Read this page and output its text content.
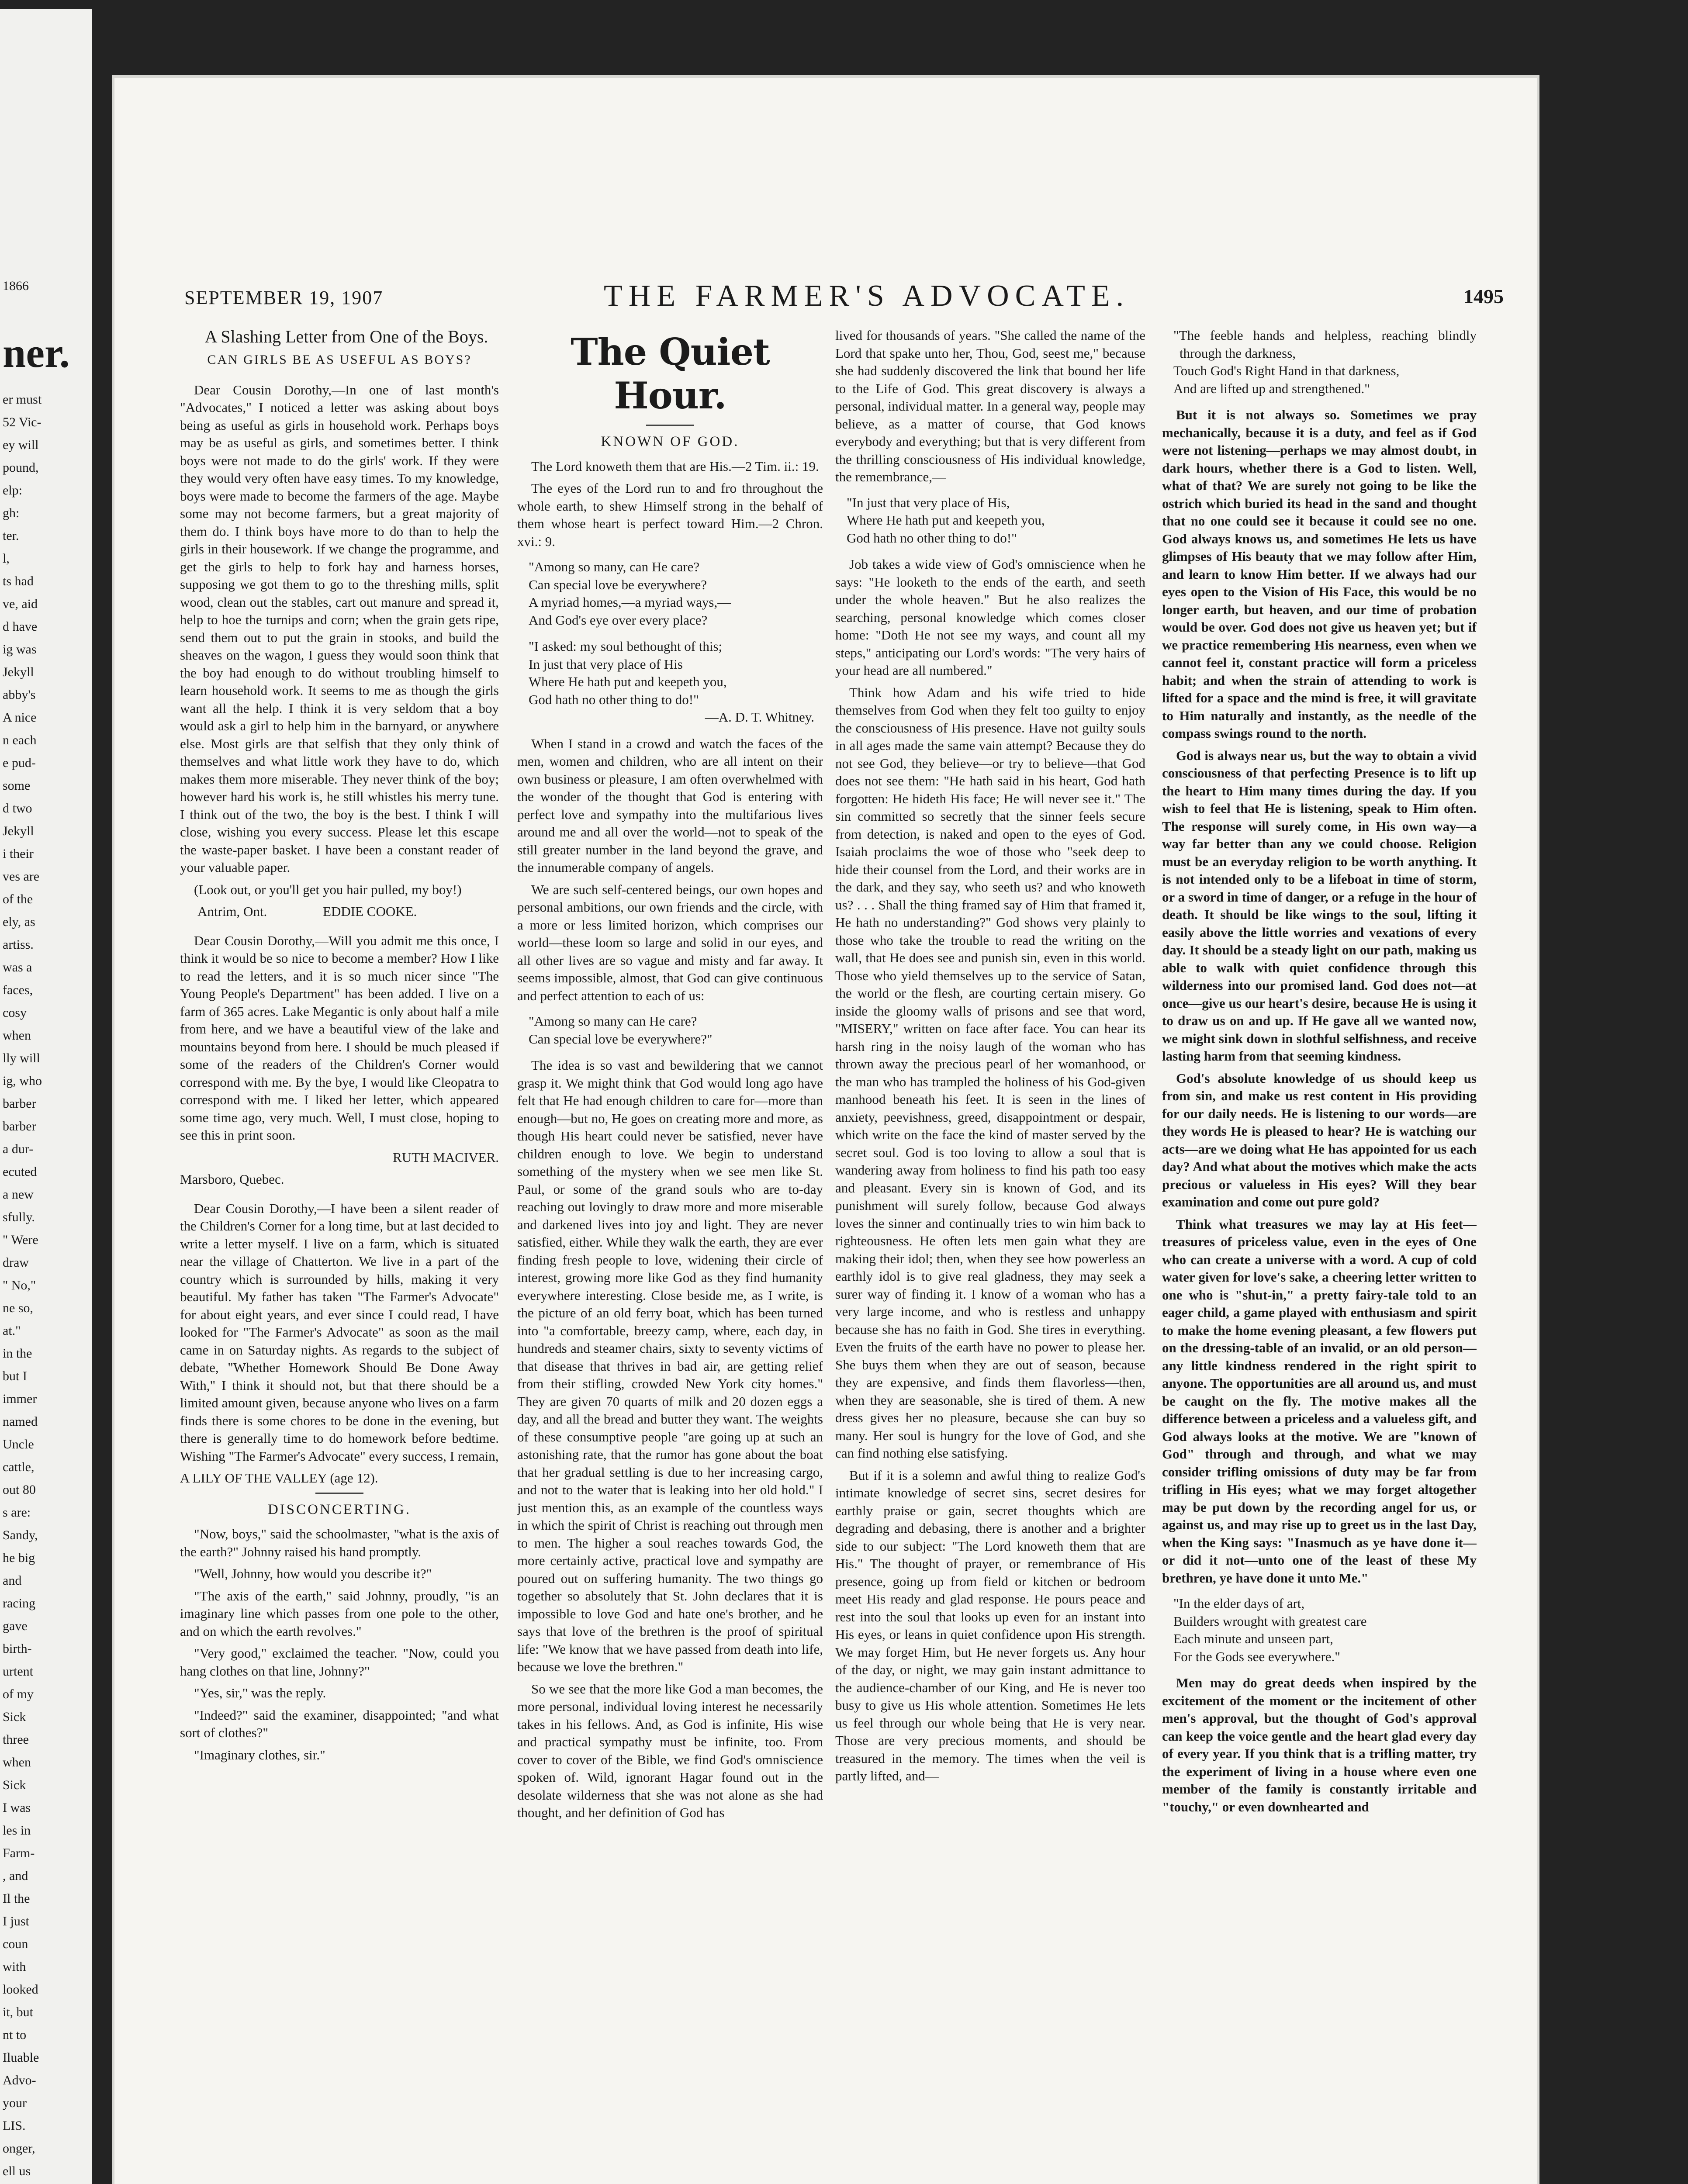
1866
ner.
er must
52 Vic-
ey will
pound,
elp:
gh:
ter.
l,
ts had
ve, aid
d have
ig was
Jekyll
abby's
A nice
n each
e pud-
some
d two
Jekyll
i their
ves are
of the
ely, as
artiss.
was a
faces,
cosy
when
lly will
ig, who
barber
barber
a dur-
ecuted
a new
sfully.
" Were
draw
" No,"
ne so,
at."
in the
but I
immer
named
Uncle
cattle,
out 80
s are:
Sandy,
he big
and
racing
gave
birth-
urtent
of my
Sick
three
when
Sick
I was
les in
Farm-
, and
Il the
I just
coun
with
looked
it, but
nt to
Iluable
Advo-
your
LIS.
onger,
ell us
SEPTEMBER 19, 1907	THE FARMER'S ADVOCATE.	1495

A Slashing Letter from One of the Boys.

CAN GIRLS BE AS USEFUL AS BOYS?

Dear Cousin Dorothy,—In one of last month's "Advocates," I noticed a letter was asking about boys being as useful as girls in household work. Perhaps boys may be as useful as girls, and sometimes better. I think boys were not made to do the girls' work. If they were they would very often have easy times. To my knowledge, boys were made to become the farmers of the age. Maybe some may not become farmers, but a great majority of them do. I think boys have more to do than to help the girls in their housework. If we change the programme, and get the girls to help to fork hay and harness horses, supposing we got them to go to the threshing mills, split wood, clean out the stables, cart out manure and spread it, help to hoe the turnips and corn; when the grain gets ripe, send them out to put the grain in stooks, and build the sheaves on the wagon, I guess they would soon think that the boy had enough to do without troubling himself to learn household work. It seems to me as though the girls want all the help. I think it is very seldom that a boy would ask a girl to help him in the barnyard, or anywhere else. Most girls are that selfish that they only think of themselves and what little work they have to do, which makes them more miserable. They never think of the boy; however hard his work is, he still whistles his merry tune. I think out of the two, the boy is the best. I think I will close, wishing you every success. Please let this escape the waste-paper basket. I have been a constant reader of your valuable paper.

(Look out, or you'll get you hair pulled, my boy!)

Antrim, Ont.	EDDIE COOKE.

Dear Cousin Dorothy,—Will you admit me this once, I think it would be so nice to become a member? How I like to read the letters, and it is so much nicer since "The Young People's Department" has been added. I live on a farm of 365 acres. Lake Megantic is only about half a mile from here, and we have a beautiful view of the lake and mountains beyond from here. I should be much pleased if some of the readers of the Children's Corner would correspond with me. By the bye, I would like Cleopatra to correspond with me. I liked her letter, which appeared some time ago, very much. Well, I must close, hoping to see this in print soon.

RUTH MACIVER.

Marsboro, Quebec.

Dear Cousin Dorothy,—I have been a silent reader of the Children's Corner for a long time, but at last decided to write a letter myself. I live on a farm, which is situated near the village of Chatterton. We live in a part of the country which is surrounded by hills, making it very beautiful. My father has taken "The Farmer's Advocate" for about eight years, and ever since I could read, I have looked for "The Farmer's Advocate" as soon as the mail came in on Saturday nights. As regards to the subject of debate, "Whether Homework Should Be Done Away With," I think it should not, but that there should be a limited amount given, because anyone who lives on a farm finds there is some chores to be done in the evening, but there is generally time to do homework before bedtime. Wishing "The Farmer's Advocate" every success, I remain,

A LILY OF THE VALLEY (age 12).

DISCONCERTING.

"Now, boys," said the schoolmaster, "what is the axis of the earth?" Johnny raised his hand promptly.

"Well, Johnny, how would you describe it?"

"The axis of the earth," said Johnny, proudly, "is an imaginary line which passes from one pole to the other, and on which the earth revolves."

"Very good," exclaimed the teacher. "Now, could you hang clothes on that line, Johnny?"

"Yes, sir," was the reply.

"Indeed?" said the examiner, disappointed; "and what sort of clothes?"

"Imaginary clothes, sir."

The Quiet Hour.
KNOWN OF GOD.

The Lord knoweth them that are His.—2 Tim. ii.: 19.

The eyes of the Lord run to and fro throughout the whole earth, to shew Himself strong in the behalf of them whose heart is perfect toward Him.—2 Chron. xvi.: 9.

"Among so many, can He care?
Can special love be everywhere?
A myriad homes,—a myriad ways,—
And God's eye over every place?
"I asked: my soul bethought of this;
In just that very place of His
Where He hath put and keepeth you,
God hath no other thing to do!"
—A. D. T. Whitney.

When I stand in a crowd and watch the faces of the men, women and children, who are all intent on their own business or pleasure, I am often overwhelmed with the wonder of the thought that God is entering with perfect love and sympathy into the multifarious lives around me and all over the world—not to speak of the still greater number in the land beyond the grave, and the innumerable company of angels.

We are such self-centered beings, our own hopes and personal ambitions, our own friends and the circle, with a more or less limited horizon, which comprises our world—these loom so large and solid in our eyes, and all other lives are so vague and misty and far away. It seems impossible, almost, that God can give continuous and perfect attention to each of us:

"Among so many can He care?
Can special love be everywhere?"

The idea is so vast and bewildering that we cannot grasp it. We might think that God would long ago have felt that He had enough children to care for—more than enough—but no, He goes on creating more and more, as though His heart could never be satisfied, never have children enough to love. We begin to understand something of the mystery when we see men like St. Paul, or some of the grand souls who are to-day reaching out lovingly to draw more and more miserable and darkened lives into joy and light. They are never satisfied, either. While they walk the earth, they are ever finding fresh people to love, widening their circle of interest, growing more like God as they find humanity everywhere interesting. Close beside me, as I write, is the picture of an old ferry boat, which has been turned into "a comfortable, breezy camp, where, each day, in hundreds and steamer chairs, sixty to seventy victims of that disease that thrives in bad air, are getting relief from their stifling, crowded New York city homes." They are given 70 quarts of milk and 20 dozen eggs a day, and all the bread and butter they want. The weights of these consumptive people "are going up at such an astonishing rate, that the rumor has gone about the boat that her gradual settling is due to her increasing cargo, and not to the water that is leaking into her old hold." I just mention this, as an example of the countless ways in which the spirit of Christ is reaching out through men to men. The higher a soul reaches towards God, the more certainly active, practical love and sympathy are poured out on suffering humanity. The two things go together so absolutely that St. John declares that it is impossible to love God and hate one's brother, and he says that love of the brethren is the proof of spiritual life: "We know that we have passed from death into life, because we love the brethren."

So we see that the more like God a man becomes, the more personal, individual loving interest he necessarily takes in his fellows. And, as God is infinite, His wise and practical sympathy must be infinite, too. From cover to cover of the Bible, we find God's omniscience spoken of. Wild, ignorant Hagar found out in the desolate wilderness that she was not alone as she had thought, and her definition of God has

lived for thousands of years. "She called the name of the Lord that spake unto her, Thou, God, seest me," because she had suddenly discovered the link that bound her life to the Life of God. This great discovery is always a personal, individual matter. In a general way, people may believe, as a matter of course, that God knows everybody and everything; but that is very different from the thrilling consciousness of His individual knowledge, the remembrance,—

"In just that very place of His,
Where He hath put and keepeth you,
God hath no other thing to do!"

Job takes a wide view of God's omniscience when he says: "He looketh to the ends of the earth, and seeth under the whole heaven." But he also realizes the searching, personal knowledge which comes closer home: "Doth He not see my ways, and count all my steps," anticipating our Lord's words: "The very hairs of your head are all numbered."

Think how Adam and his wife tried to hide themselves from God when they felt too guilty to enjoy the consciousness of His presence. Have not guilty souls in all ages made the same vain attempt? Because they do not see God, they believe—or try to believe—that God does not see them: "He hath said in his heart, God hath forgotten: He hideth His face; He will never see it." The sin committed so secretly that the sinner feels secure from detection, is naked and open to the eyes of God. Isaiah proclaims the woe of those who "seek deep to hide their counsel from the Lord, and their works are in the dark, and they say, who seeth us? and who knoweth us? . . . Shall the thing framed say of Him that framed it, He hath no understanding?" God shows very plainly to those who take the trouble to read the writing on the wall, that He does see and punish sin, even in this world. Those who yield themselves up to the service of Satan, the world or the flesh, are courting certain misery. Go inside the gloomy walls of prisons and see that word, "MISERY," written on face after face. You can hear its harsh ring in the noisy laugh of the woman who has thrown away the precious pearl of her womanhood, or the man who has trampled the holiness of his God-given manhood beneath his feet. It is seen in the lines of anxiety, peevishness, greed, disappointment or despair, which write on the face the kind of master served by the secret soul. God is too loving to allow a soul that is wandering away from holiness to find his path too easy and pleasant. Every sin is known of God, and its punishment will surely follow, because God always loves the sinner and continually tries to win him back to righteousness. He often lets men gain what they are making their idol; then, when they see how powerless an earthly idol is to give real gladness, they may seek a surer way of finding it. I know of a woman who has a very large income, and who is restless and unhappy because she has no faith in God. She tires in everything. Even the fruits of the earth have no power to please her. She buys them when they are out of season, because they are expensive, and finds them flavorless—then, when they are seasonable, she is tired of them. A new dress gives her no pleasure, because she can buy so many. Her soul is hungry for the love of God, and she can find nothing else satisfying.

But if it is a solemn and awful thing to realize God's intimate knowledge of secret sins, secret desires for earthly praise or gain, secret thoughts which are degrading and debasing, there is another and a brighter side to our subject: "The Lord knoweth them that are His." The thought of prayer, or remembrance of His presence, going up from field or kitchen or bedroom meet His ready and glad response. He pours peace and rest into the soul that looks up even for an instant into His eyes, or leans in quiet confidence upon His strength. We may forget Him, but He never forgets us. Any hour of the day, or night, we may gain instant admittance to the audience-chamber of our King, and He is never too busy to give us His whole attention. Sometimes He lets us feel through our whole being that He is very near. Those are very precious moments, and should be treasured in the memory. The times when the veil is partly lifted, and—

"The feeble hands and helpless, reaching blindly through the darkness,
Touch God's Right Hand in that darkness,
And are lifted up and strengthened."

But it is not always so. Sometimes we pray mechanically, because it is a duty, and feel as if God were not listening—perhaps we may almost doubt, in dark hours, whether there is a God to listen. Well, what of that? We are surely not going to be like the ostrich which buried its head in the sand and thought that no one could see it because it could see no one. God always knows us, and sometimes He lets us have glimpses of His beauty that we may follow after Him, and learn to know Him better. If we always had our eyes open to the Vision of His Face, this would be no longer earth, but heaven, and our time of probation would be over. God does not give us heaven yet; but if we practice remembering His nearness, even when we cannot feel it, constant practice will form a priceless habit; and when the strain of attending to work is lifted for a space and the mind is free, it will gravitate to Him naturally and instantly, as the needle of the compass swings round to the north.

God is always near us, but the way to obtain a vivid consciousness of that perfecting Presence is to lift up the heart to Him many times during the day. If you wish to feel that He is listening, speak to Him often. The response will surely come, in His own way—a way far better than any we could choose. Religion must be an everyday religion to be worth anything. It is not intended only to be a lifeboat in time of storm, or a sword in time of danger, or a refuge in the hour of death. It should be like wings to the soul, lifting it easily above the little worries and vexations of every day. It should be a steady light on our path, making us able to walk with quiet confidence through this wilderness into our promised land. God does not—at once—give us our heart's desire, because He is using it to draw us on and up. If He gave all we wanted now, we might sink down in slothful selfishness, and receive lasting harm from that seeming kindness.

God's absolute knowledge of us should keep us from sin, and make us rest content in His providing for our daily needs. He is listening to our words—are they words He is pleased to hear? He is watching our acts—are we doing what He has appointed for us each day? And what about the motives which make the acts precious or valueless in His eyes? Will they bear examination and come out pure gold?

Think what treasures we may lay at His feet—treasures of priceless value, even in the eyes of One who can create a universe with a word. A cup of cold water given for love's sake, a cheering letter written to one who is "shut-in," a pretty fairy-tale told to an eager child, a game played with enthusiasm and spirit to make the home evening pleasant, a few flowers put on the dressing-table of an invalid, or an old person—any little kindness rendered in the right spirit to anyone. The opportunities are all around us, and must be caught on the fly. The motive makes all the difference between a priceless and a valueless gift, and God always looks at the motive. We are "known of God" through and through, and what we may consider trifling omissions of duty may be far from trifling in His eyes; what we may forget altogether may be put down by the recording angel for us, or against us, and may rise up to greet us in the last Day, when the King says: "Inasmuch as ye have done it—or did it not—unto one of the least of these My brethren, ye have done it unto Me."

"In the elder days of art,
Builders wrought with greatest care
Each minute and unseen part,
For the Gods see everywhere."

Men may do great deeds when inspired by the excitement of the moment or the incitement of other men's approval, but the thought of God's approval can keep the voice gentle and the heart glad every day of every year. If you think that is a trifling matter, try the experiment of living in a house where even one member of the family is constantly irritable and "touchy," or even downhearted and
